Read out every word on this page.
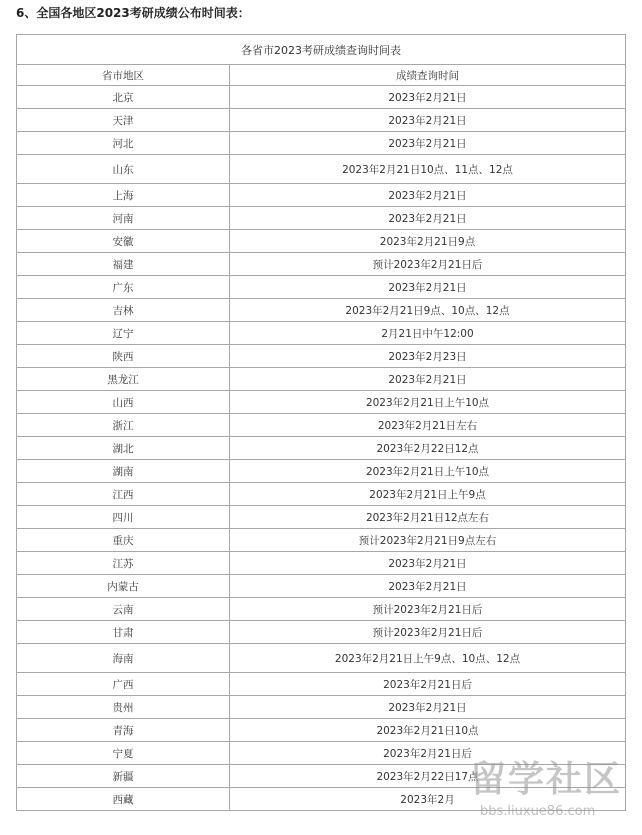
6、全国各地区2023考研成绩公布时间表：
各省市2023考研成绩查询时间表	
省市地区	成绩查询时间
北京	2023年2月21日
天津	2023年2月21日
河北	2023年2月21日
山东	2023年2月21日10点、11点、12点
上海	2023年2月21日
河南	2023年2月21日
安徽	2023年2月21日9点
福建	预计2023年2月21日后
广东	2023年2月21日
吉林	2023年2月21日9点、10点、12点
辽宁	2月21日中午12:00
陕西	2023年2月23日
黑龙江	2023年2月21日
山西	2023年2月21日上午10点
浙江	2023年2月21日左右
湖北	2023年2月22日12点
湖南	2023年2月21日上午10点
江西	2023年2月21日上午9点
四川	2023年2月21日12点左右
重庆	预计2023年2月21日9点左右
江苏	2023年2月21日
内蒙古	2023年2月21日
云南	预计2023年2月21日后
甘肃	预计2023年2月21日后
海南	2023年2月21日上午9点、10点、12点
广西	2023年2月21日后
贵州	2023年2月21日
青海	2023年2月21日10点
宁夏	2023年2月21日后
新疆	2023年2月22日17点
西藏	2023年2月 留学社区
bbs.liuxue86.com
